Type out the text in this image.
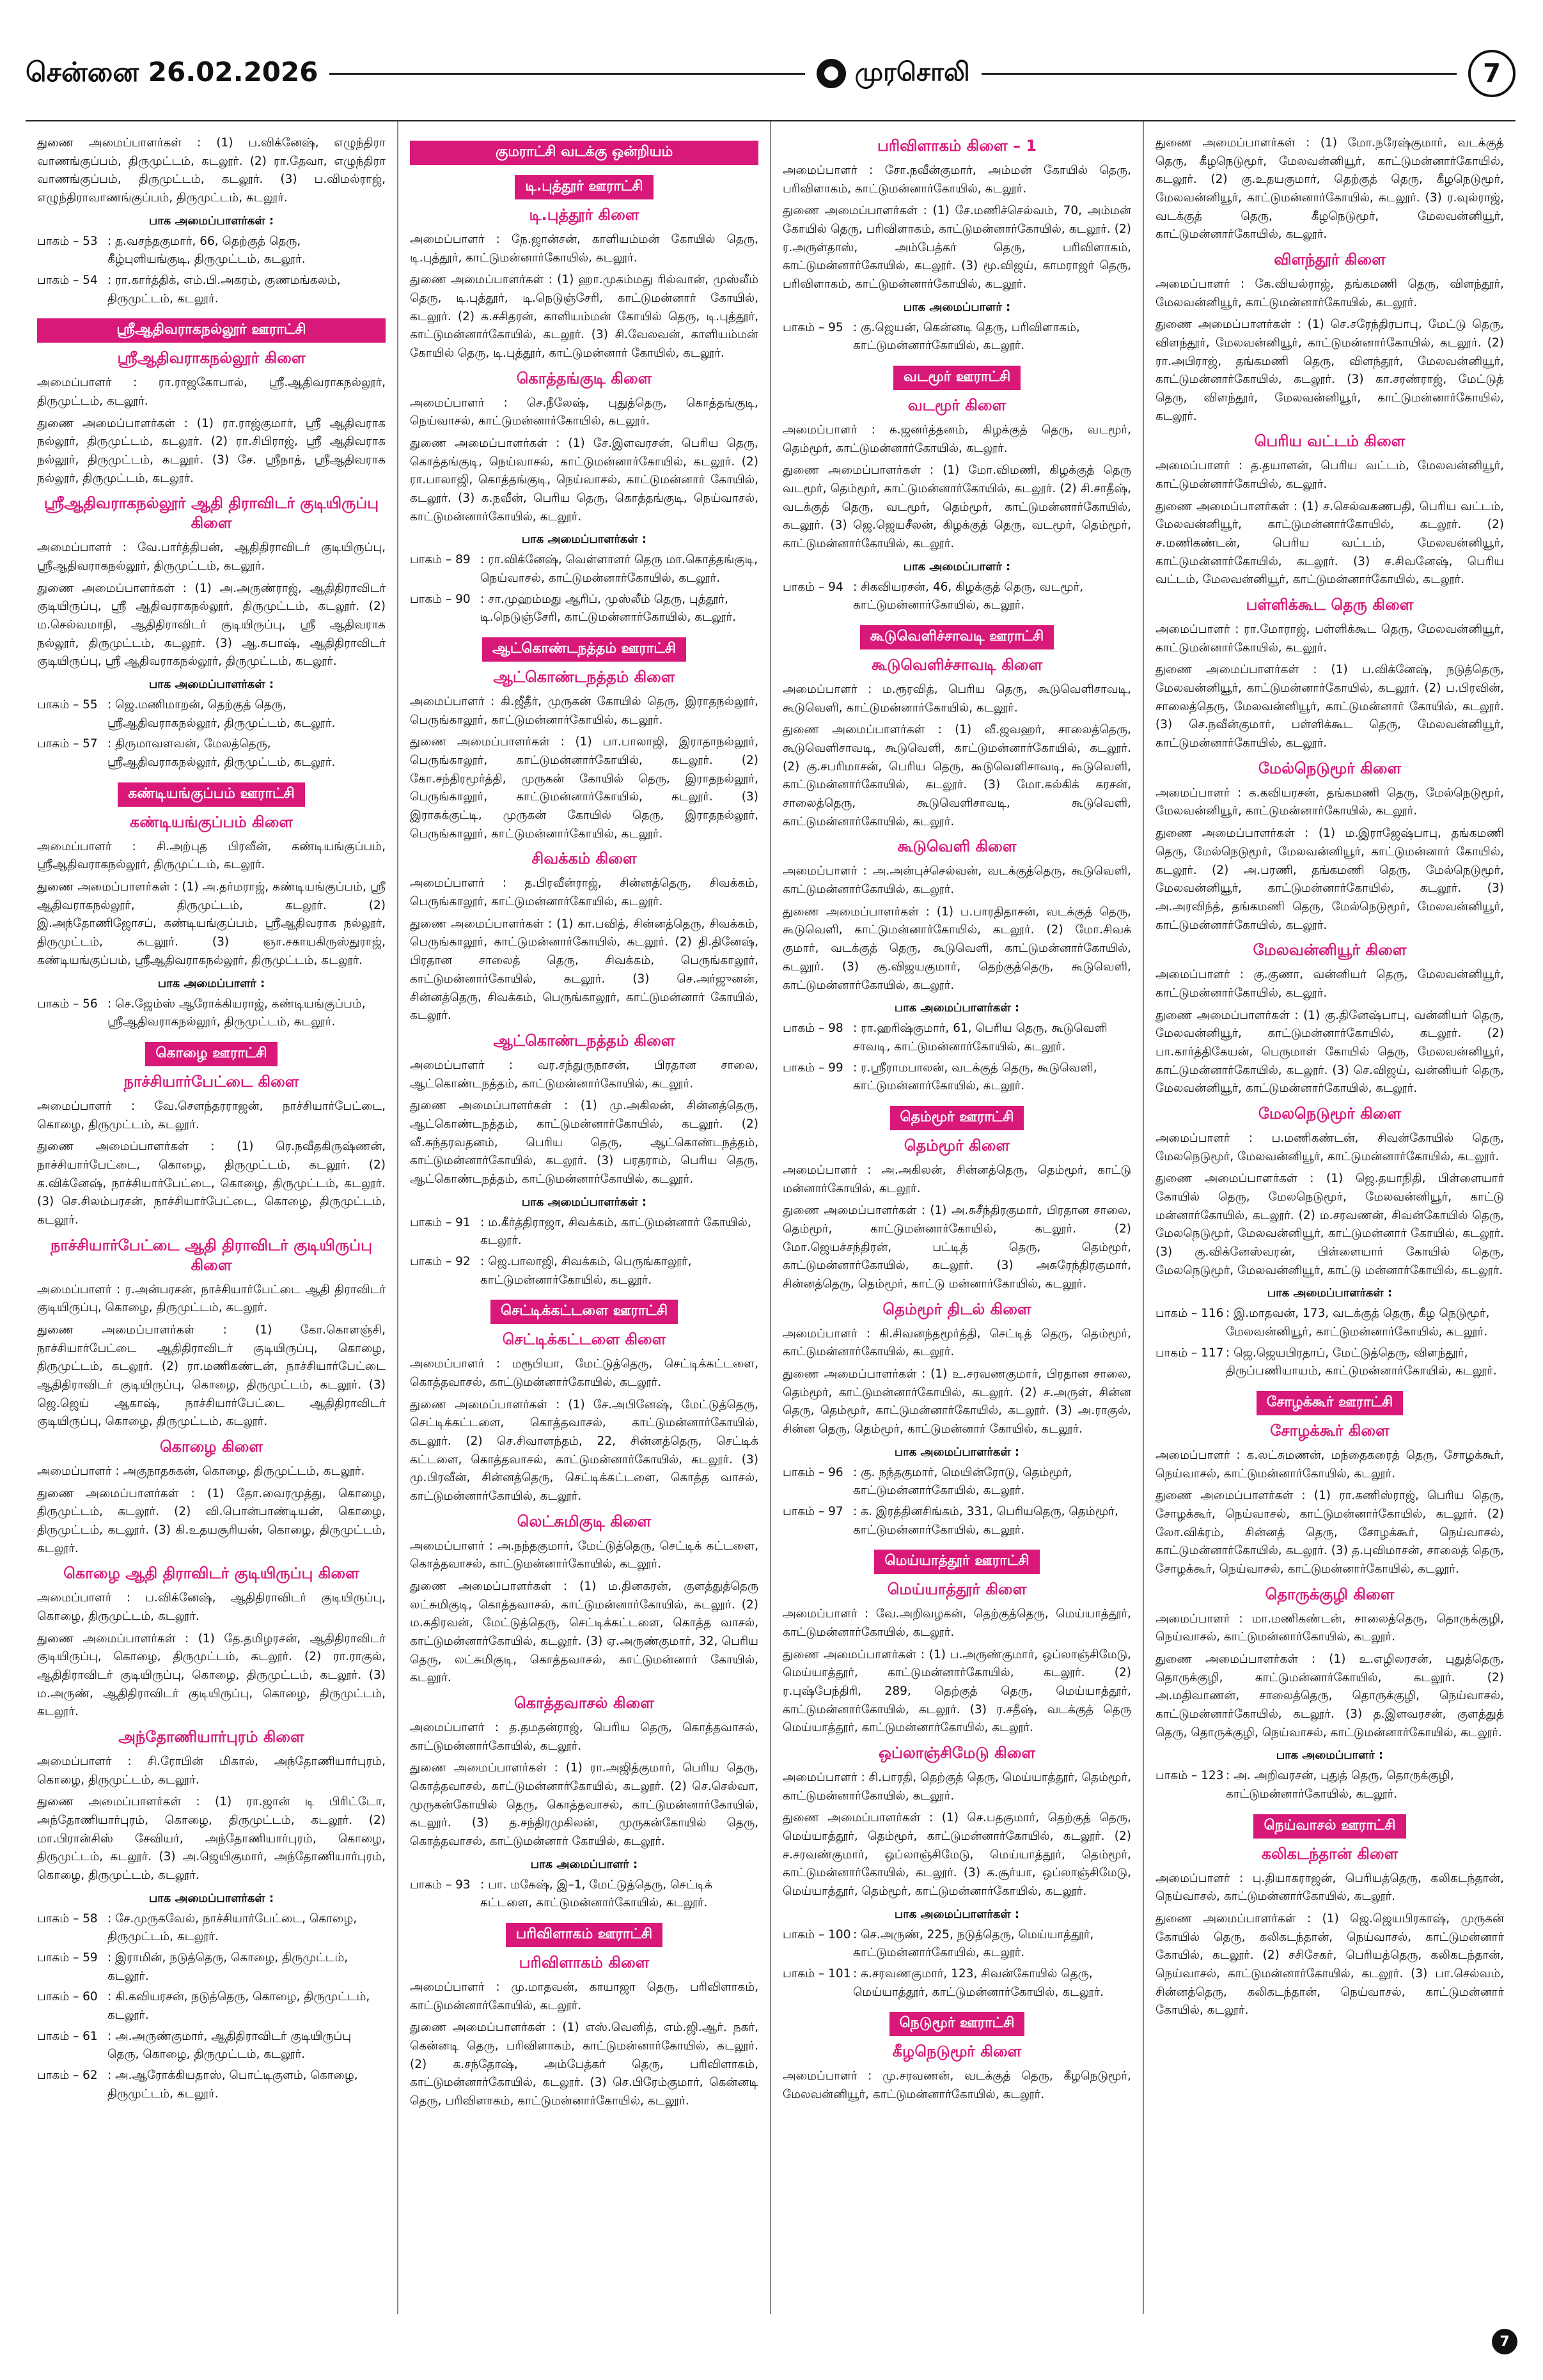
சென்னை 26.02.2026	முரசொலி	7

துணை அமைப்பாளர்கள் : (1) ப.விக்னேஷ், எழுந்திரா வாணங்குப்பம், திருமுட்டம், கடலூர். (2) ரா.தேவா, எழுந்திரா வாணங்குப்பம், திருமுட்டம், கடலூர். (3) ப.விமல்ராஜ், எழுந்திராவாணங்குப்பம், திருமுட்டம், கடலூர்.

பாக அமைப்பாளர்கள் :
பாகம் – 53 : த.வசந்தகுமார், 66, தெற்குத் தெரு, கீழ்புளியங்குடி, திருமுட்டம், கடலூர்.
பாகம் – 54 : ரா.கார்த்திக், எம்.பி.அகரம், குணமங்கலம், திருமுட்டம், கடலூர்.
ஸ்ரீஆதிவராகநல்லூர் ஊராட்சி
ஸ்ரீஆதிவராகநல்லூர் கிளை

அமைப்பாளர் : ரா.ராஜகோபால், ஸ்ரீ.ஆதிவராகநல்லூர், திருமுட்டம், கடலூர்.

துணை அமைப்பாளர்கள் : (1) ரா.ராஜ்குமார், ஸ்ரீ ஆதிவராக நல்லூர், திருமுட்டம், கடலூர். (2) ரா.சிபிராஜ், ஸ்ரீ ஆதிவராக நல்லூர், திருமுட்டம், கடலூர். (3) சே. ஸ்ரீநாத், ஸ்ரீஆதிவராக நல்லூர், திருமுட்டம், கடலூர்.

ஸ்ரீஆதிவராகநல்லூர் ஆதி திராவிடர் குடியிருப்பு கிளை

அமைப்பாளர் : வே.பார்த்திபன், ஆதிதிராவிடர் குடியிருப்பு, ஸ்ரீஆதிவராகநல்லூர், திருமுட்டம், கடலூர்.

துணை அமைப்பாளர்கள் : (1) அ.அருண்ராஜ், ஆதிதிராவிடர் குடியிருப்பு, ஸ்ரீ ஆதிவராகநல்லூர், திருமுட்டம், கடலூர். (2) ம.செல்வமாநி, ஆதிதிராவிடர் குடியிருப்பு, ஸ்ரீ ஆதிவராக நல்லூர், திருமுட்டம், கடலூர். (3) ஆ.சுபாஷ், ஆதிதிராவிடர் குடியிருப்பு, ஸ்ரீ ஆதிவராகநல்லூர், திருமுட்டம், கடலூர்.

பாக அமைப்பாளர்கள் :
பாகம் – 55 : ஜெ.மணிமாறன், தெற்குத் தெரு, ஸ்ரீஆதிவராகநல்லூர், திருமுட்டம், கடலூர்.
பாகம் – 57 : திருமாவளவன், மேலத்தெரு, ஸ்ரீஆதிவராகநல்லூர், திருமுட்டம், கடலூர்.
கண்டியங்குப்பம் ஊராட்சி
கண்டியங்குப்பம் கிளை

அமைப்பாளர் : சி.அற்புத பிரவீன், கண்டியங்குப்பம், ஸ்ரீஆதிவராகநல்லூர், திருமுட்டம், கடலூர்.

துணை அமைப்பாளர்கள் : (1) அ.தர்மராஜ், கண்டியங்குப்பம், ஸ்ரீ ஆதிவராகநல்லூர், திருமுட்டம், கடலூர். (2) இ.அந்தோணிஜோசப், கண்டியங்குப்பம், ஸ்ரீஆதிவராக நல்லூர், திருமுட்டம், கடலூர். (3) ஞா.சகாயகிருஸ்துராஜ், கண்டியங்குப்பம், ஸ்ரீஆதிவராகநல்லூர், திருமுட்டம், கடலூர்.

பாக அமைப்பாளர் :
பாகம் – 56 : செ.ஜேம்ஸ் ஆரோக்கியராஜ், கண்டியங்குப்பம், ஸ்ரீஆதிவராகநல்லூர், திருமுட்டம், கடலூர்.
கொழை ஊராட்சி
நாச்சியார்பேட்டை கிளை

அமைப்பாளர் : வே.செளந்தரராஜன், நாச்சியார்பேட்டை, கொழை, திருமுட்டம், கடலூர்.

துணை அமைப்பாளர்கள் : (1) ரெ.நவீதகிருஷ்ணன், நாச்சியார்பேட்டை, கொழை, திருமுட்டம், கடலூர். (2) க.விக்னேஷ், நாச்சியார்பேட்டை, கொழை, திருமுட்டம், கடலூர். (3) செ.சிலம்பரசன், நாச்சியார்பேட்டை, கொழை, திருமுட்டம், கடலூர்.

நாச்சியார்பேட்டை ஆதி திராவிடர் குடியிருப்பு கிளை

அமைப்பாளர் : ர.அன்பரசன், நாச்சியார்பேட்டை ஆதி திராவிடர் குடியிருப்பு, கொழை, திருமுட்டம், கடலூர்.

துணை அமைப்பாளர்கள் : (1) கோ.கொளஞ்சி, நாச்சியார்பேட்டை ஆதிதிராவிடர் குடியிருப்பு, கொழை, திருமுட்டம், கடலூர். (2) ரா.மணிகண்டன், நாச்சியார்பேட்டை ஆதிதிராவிடர் குடியிருப்பு, கொழை, திருமுட்டம், கடலூர். (3) ஜெ.ஜெய் ஆகாஷ், நாச்சியார்பேட்டை ஆதிதிராவிடர் குடியிருப்பு, கொழை, திருமுட்டம், கடலூர்.

கொழை கிளை

அமைப்பாளர் : அகுநாதசுகன், கொழை, திருமுட்டம், கடலூர்.

துணை அமைப்பாளர்கள் : (1) தோ.வைரமுத்து, கொழை, திருமுட்டம், கடலூர். (2) வி.பொன்பாண்டியன், கொழை, திருமுட்டம், கடலூர். (3) கி.உதயசூரியன், கொழை, திருமுட்டம், கடலூர்.

கொழை ஆதி திராவிடர் குடியிருப்பு கிளை

அமைப்பாளர் : ப.விக்னேஷ், ஆதிதிராவிடர் குடியிருப்பு, கொழை, திருமுட்டம், கடலூர்.

துணை அமைப்பாளர்கள் : (1) தே.தமிழரசன், ஆதிதிராவிடர் குடியிருப்பு, கொழை, திருமுட்டம், கடலூர். (2) ரா.ராகுல், ஆதிதிராவிடர் குடியிருப்பு, கொழை, திருமுட்டம், கடலூர். (3) ம.அருண், ஆதிதிராவிடர் குடியிருப்பு, கொழை, திருமுட்டம், கடலூர்.

அந்தோணியார்புரம் கிளை

அமைப்பாளர் : சி.ரோபின் மிகால், அந்தோணியார்புரம், கொழை, திருமுட்டம், கடலூர்.

துணை அமைப்பாளர்கள் : (1) ரா.ஜான் டி பிரிட்டோ, அந்தோணியார்புரம், கொழை, திருமுட்டம், கடலூர். (2) மா.பிரான்சிஸ் சேவியர், அந்தோணியார்புரம், கொழை, திருமுட்டம், கடலூர். (3) அ.ஜெயிகுமார், அந்தோணியார்புரம், கொழை, திருமுட்டம், கடலூர்.

பாக அமைப்பாளர்கள் :
பாகம் – 58 : சே.முருகவேல், நாச்சியார்பேட்டை, கொழை, திருமுட்டம், கடலூர்.
பாகம் – 59 : இராமின், நடுத்தெரு, கொழை, திருமுட்டம், கடலூர்.
பாகம் – 60 : கி.கவியரசன், நடுத்தெரு, கொழை, திருமுட்டம், கடலூர்.
பாகம் – 61 : அ.அருண்குமார், ஆதிதிராவிடர் குடியிருப்பு தெரு, கொழை, திருமுட்டம், கடலூர்.
பாகம் – 62 : அ.ஆரோக்கியதாஸ், பொட்டிகுளம், கொழை, திருமுட்டம், கடலூர்.
குமராட்சி வடக்கு ஒன்றியம்
டி.புத்தூர் ஊராட்சி
டி.புத்தூர் கிளை

அமைப்பாளர் : நே.ஜான்சன், காளியம்மன் கோயில் தெரு, டி.புத்தூர், காட்டுமன்னார்கோயில், கடலூர்.

துணை அமைப்பாளர்கள் : (1) ஹா.முகம்மது ரில்வான், முஸ்லீம் தெரு, டி.புத்தூர், டி.நெடுஞ்சேரி, காட்டுமன்னார் கோயில், கடலூர். (2) க.சசிதரன், காளியம்மன் கோயில் தெரு, டி.புத்தூர், காட்டுமன்னார்கோயில், கடலூர். (3) சி.வேலவன், காளியம்மன் கோயில் தெரு, டி.புத்தூர், காட்டுமன்னார் கோயில், கடலூர்.

கொத்தங்குடி கிளை

அமைப்பாளர் : செ.நீலேஷ், புதுத்தெரு, கொத்தங்குடி, நெய்வாசல், காட்டுமன்னார்கோயில், கடலூர்.

துணை அமைப்பாளர்கள் : (1) சே.இளவரசன், பெரிய தெரு, கொத்தங்குடி, நெய்வாசல், காட்டுமன்னார்கோயில், கடலூர். (2) ரா.பாலாஜி, கொத்தங்குடி, நெய்வாசல், காட்டுமன்னார் கோயில், கடலூர். (3) க.நவீன், பெரிய தெரு, கொத்தங்குடி, நெய்வாசல், காட்டுமன்னார்கோயில், கடலூர்.

பாக அமைப்பாளர்கள் :
பாகம் – 89 : ரா.விக்னேஷ், வெள்ளாளர் தெரு மா.கொத்தங்குடி, நெய்வாசல், காட்டுமன்னார்கோயில், கடலூர்.
பாகம் – 90 : சா.முஹம்மது ஆரிப், முஸ்லீம் தெரு, புத்தூர், டி.நெடுஞ்சேரி, காட்டுமன்னார்கோயில், கடலூர்.
ஆட்கொண்டநத்தம் ஊராட்சி
ஆட்கொண்டநத்தம் கிளை

அமைப்பாளர் : கி.ஜீதீர், முருகன் கோயில் தெரு, இராதநல்லூர், பெருங்காலூர், காட்டுமன்னார்கோயில், கடலூர்.

துணை அமைப்பாளர்கள் : (1) பா.பாலாஜி, இராதாநல்லூர், பெருங்காலூர், காட்டுமன்னார்கோயில், கடலூர். (2) கோ.சந்திரமூர்த்தி, முருகன் கோயில் தெரு, இராதநல்லூர், பெருங்காலூர், காட்டுமன்னார்கோயில், கடலூர். (3) இராசுக்குட்டி, முருகன் கோயில் தெரு, இராதநல்லூர், பெருங்காலூர், காட்டுமன்னார்கோயில், கடலூர்.

சிவக்கம் கிளை

அமைப்பாளர் : த.பிரவீன்ராஜ், சின்னத்தெரு, சிவக்கம், பெருங்காலூர், காட்டுமன்னார்கோயில், கடலூர்.

துணை அமைப்பாளர்கள் : (1) கா.பவித், சின்னத்தெரு, சிவக்கம், பெருங்காலூர், காட்டுமன்னார்கோயில், கடலூர். (2) தி.தினேஷ், பிரதான சாலைத் தெரு, சிவக்கம், பெருங்காலூர், காட்டுமன்னார்கோயில், கடலூர். (3) செ.அர்ஜுனன், சின்னத்தெரு, சிவக்கம், பெருங்காலூர், காட்டுமன்னார் கோயில், கடலூர்.

ஆட்கொண்டநத்தம் கிளை

அமைப்பாளர் : வர.சந்துருநாசன், பிரதான சாலை, ஆட்கொண்டநத்தம், காட்டுமன்னார்கோயில், கடலூர்.

துணை அமைப்பாளர்கள் : (1) மு.அகிலன், சின்னத்தெரு, ஆட்கொண்டநத்தம், காட்டுமன்னார்கோயில், கடலூர். (2) வீ.சுந்தரவதனம், பெரிய தெரு, ஆட்கொண்டநத்தம், காட்டுமன்னார்கோயில், கடலூர். (3) பரதராம், பெரிய தெரு, ஆட்கொண்டநத்தம், காட்டுமன்னார்கோயில், கடலூர்.

பாக அமைப்பாளர்கள் :
பாகம் – 91 : ம.கீர்த்திராஜா, சிவக்கம், காட்டுமன்னார் கோயில், கடலூர்.
பாகம் – 92 : ஜெ.பாலாஜி, சிவக்கம், பெருங்காலூர், காட்டுமன்னார்கோயில், கடலூர்.
செட்டிக்கட்டளை ஊராட்சி
செட்டிக்கட்டளை கிளை

அமைப்பாளர் : மரூபியா, மேட்டுத்தெரு, செட்டிக்கட்டளை, கொத்தவாசல், காட்டுமன்னார்கோயில், கடலூர்.

துணை அமைப்பாளர்கள் : (1) சே.அபினேஷ், மேட்டுத்தெரு, செட்டிக்கட்டளை, கொத்தவாசல், காட்டுமன்னார்கோயில், கடலூர். (2) செ.சிவாளந்தம், 22, சின்னத்தெரு, செட்டிக் கட்டளை, கொத்தவாசல், காட்டுமன்னார்கோயில், கடலூர். (3) மு.பிரவீன், சின்னத்தெரு, செட்டிக்கட்டளை, கொத்த வாசல், காட்டுமன்னார்கோயில், கடலூர்.

லெட்சுமிகுடி கிளை

அமைப்பாளர் : அ.நந்தகுமார், மேட்டுத்தெரு, செட்டிக் கட்டளை, கொத்தவாசல், காட்டுமன்னார்கோயில், கடலூர்.

துணை அமைப்பாளர்கள் : (1) ம.தினகரன், குளத்துத்தெரு லட்சுமிகுடி, கொத்தவாசல், காட்டுமன்னார்கோயில், கடலூர். (2) ம.கதிரவன், மேட்டுத்தெரு, செட்டிக்கட்டளை, கொத்த வாசல், காட்டுமன்னார்கோயில், கடலூர். (3) ஏ.அருண்குமார், 32, பெரிய தெரு, லட்சுமிகுடி, கொத்தவாசல், காட்டுமன்னார் கோயில், கடலூர்.

கொத்தவாசல் கிளை

அமைப்பாளர் : த.தமதன்ராஜ், பெரிய தெரு, கொத்தவாசல், காட்டுமன்னார்கோயில், கடலூர்.

துணை அமைப்பாளர்கள் : (1) ரா.அஜித்குமார், பெரிய தெரு, கொத்தவாசல், காட்டுமன்னார்கோயில், கடலூர். (2) செ.செல்வா, முருகன்கோயில் தெரு, கொத்தவாசல், காட்டுமன்னார்கோயில், கடலூர். (3) த.சந்திரமுகிலன், முருகன்கோயில் தெரு, கொத்தவாசல், காட்டுமன்னார் கோயில், கடலூர்.

பாக அமைப்பாளர் :
பாகம் – 93 : பா. மகேஷ், இ–1, மேட்டுத்தெரு, செட்டிக் கட்டளை, காட்டுமன்னார்கோயில், கடலூர்.
பரிவிளாகம் ஊராட்சி
பரிவிளாகம் கிளை

அமைப்பாளர் : மு.மாதவன், காயாஜா தெரு, பரிவிளாகம், காட்டுமன்னார்கோயில், கடலூர்.

துணை அமைப்பாளர்கள் : (1) எஸ்.வெனித், எம்.ஜி.ஆர். நகர், கென்னடி தெரு, பரிவிளாகம், காட்டுமன்னார்கோயில், கடலூர். (2) க.சந்தோஷ், அம்பேத்கர் தெரு, பரிவிளாகம், காட்டுமன்னார்கோயில், கடலூர். (3) செ.பிரேம்குமார், கென்னடி தெரு, பரிவிளாகம், காட்டுமன்னார்கோயில், கடலூர்.

பரிவிளாகம் கிளை – 1

அமைப்பாளர் : சோ.நவீன்குமார், அம்மன் கோயில் தெரு, பரிவிளாகம், காட்டுமன்னார்கோயில், கடலூர்.

துணை அமைப்பாளர்கள் : (1) சே.மணிச்செல்வம், 70, அம்மன் கோயில் தெரு, பரிவிளாகம், காட்டுமன்னார்கோயில், கடலூர். (2) ர.அருள்தாஸ், அம்பேத்கர் தெரு, பரிவிளாகம், காட்டுமன்னார்கோயில், கடலூர். (3) மூ.விஜய், காமராஜர் தெரு, பரிவிளாகம், காட்டுமன்னார்கோயில், கடலூர்.

பாக அமைப்பாளர் :
பாகம் – 95 : கு.ஜெயன், கென்னடி தெரு, பரிவிளாகம், காட்டுமன்னார்கோயில், கடலூர்.
வடமூர் ஊராட்சி
வடமூர் கிளை

அமைப்பாளர் : க.ஜனர்த்தனம், கிழக்குத் தெரு, வடமூர், தெம்மூர், காட்டுமன்னார்கோயில், கடலூர்.

துணை அமைப்பாளர்கள் : (1) மோ.விமணி, கிழக்குத் தெரு வடமூர், தெம்மூர், காட்டுமன்னார்கோயில், கடலூர். (2) சி.சாதீஷ், வடக்குத் தெரு, வடமூர், தெம்மூர், காட்டுமன்னார்கோயில், கடலூர். (3) ஜெ.ஜெயசீலன், கிழக்குத் தெரு, வடமூர், தெம்மூர், காட்டுமன்னார்கோயில், கடலூர்.

பாக அமைப்பாளர் :
பாகம் – 94 : சிகவியரசன், 46, கிழக்குத் தெரு, வடமூர், காட்டுமன்னார்கோயில், கடலூர்.
கூடுவெளிச்சாவடி ஊராட்சி
கூடுவெளிச்சாவடி கிளை

அமைப்பாளர் : ம.ரூரவித், பெரிய தெரு, கூடுவெளிசாவடி, கூடுவெளி, காட்டுமன்னார்கோயில், கடலூர்.

துணை அமைப்பாளர்கள் : (1) வீ.ஜவஹர், சாலைத்தெரு, கூடுவெளிசாவடி, கூடுவெளி, காட்டுமன்னார்கோயில், கடலூர். (2) கு.சபரிமாசன், பெரிய தெரு, கூடுவெளிசாவடி, கூடுவெளி, காட்டுமன்னார்கோயில், கடலூர். (3) மோ.கல்கிக் கரசன், சாலைத்தெரு, கூடுவெளிசாவடி, கூடுவெளி, காட்டுமன்னார்கோயில், கடலூர்.

கூடுவெளி கிளை

அமைப்பாளர் : அ.அன்புச்செல்வன், வடக்குத்தெரு, கூடுவெளி, காட்டுமன்னார்கோயில், கடலூர்.

துணை அமைப்பாளர்கள் : (1) ப.பாரதிதாசன், வடக்குத் தெரு, கூடுவெளி, காட்டுமன்னார்கோயில், கடலூர். (2) மோ.சிவக் குமார், வடக்குத் தெரு, கூடுவெளி, காட்டுமன்னார்கோயில், கடலூர். (3) கு.விஜயகுமார், தெற்குத்தெரு, கூடுவெளி, காட்டுமன்னார்கோயில், கடலூர்.

பாக அமைப்பாளர்கள் :
பாகம் – 98 : ரா.ஹரிஷ்குமார், 61, பெரிய தெரு, கூடுவெளி சாவடி, காட்டுமன்னார்கோயில், கடலூர்.
பாகம் – 99 : ர.ஸ்ரீராமபாலன், வடக்குத் தெரு, கூடுவெளி, காட்டுமன்னார்கோயில், கடலூர்.
தெம்மூர் ஊராட்சி
தெம்மூர் கிளை

அமைப்பாளர் : அ.அகிலன், சின்னத்தெரு, தெம்மூர், காட்டு மன்னார்கோயில், கடலூர்.

துணை அமைப்பாளர்கள் : (1) அ.சுசீந்திரகுமார், பிரதான சாலை, தெம்மூர், காட்டுமன்னார்கோயில், கடலூர். (2) மோ.ஜெயச்சந்திரன், பட்டித் தெரு, தெம்மூர், காட்டுமன்னார்கோயில், கடலூர். (3) அசுரேந்திரகுமார், சின்னத்தெரு, தெம்மூர், காட்டு மன்னார்கோயில், கடலூர்.

தெம்மூர் திடல் கிளை

அமைப்பாளர் : கி.சிவனந்தமூர்த்தி, செட்டித் தெரு, தெம்மூர், காட்டுமன்னார்கோயில், கடலூர்.

துணை அமைப்பாளர்கள் : (1) உ.சரவணகுமார், பிரதான சாலை, தெம்மூர், காட்டுமன்னார்கோயில், கடலூர். (2) ச.அருள், சின்ன தெரு, தெம்மூர், காட்டுமன்னார்கோயில், கடலூர். (3) அ.ராகுல், சின்ன தெரு, தெம்மூர், காட்டுமன்னார் கோயில், கடலூர்.

பாக அமைப்பாளர்கள் :
பாகம் – 96 : கு. நந்தகுமார், மெயின்ரோடு, தெம்மூர், காட்டுமன்னார்கோயில், கடலூர்.
பாகம் – 97 : க. இரத்தினசிங்கம், 331, பெரியதெரு, தெம்மூர், காட்டுமன்னார்கோயில், கடலூர்.
மெய்யாத்தூர் ஊராட்சி
மெய்யாத்தூர் கிளை

அமைப்பாளர் : வே.அறிவழகன், தெற்குத்தெரு, மெய்யாத்தூர், காட்டுமன்னார்கோயில், கடலூர்.

துணை அமைப்பாளர்கள் : (1) ப.அருண்குமார், ஒப்லாஞ்சிமேடு, மெய்யாத்தூர், காட்டுமன்னார்கோயில், கடலூர். (2) ர.புஷ்பேந்திரி, 289, தெற்குத் தெரு, மெய்யாத்தூர், காட்டுமன்னார்கோயில், கடலூர். (3) ர.சதீஷ், வடக்குத் தெரு மெய்யாத்தூர், காட்டுமன்னார்கோயில், கடலூர்.

ஒப்லாஞ்சிமேடு கிளை

அமைப்பாளர் : சி.பாரதி, தெற்குத் தெரு, மெய்யாத்தூர், தெம்மூர், காட்டுமன்னார்கோயில், கடலூர்.

துணை அமைப்பாளர்கள் : (1) செ.பதகுமார், தெற்குத் தெரு, மெய்யாத்தூர், தெம்மூர், காட்டுமன்னார்கோயில், கடலூர். (2) ச.சரவண்குமார், ஒப்லாஞ்சிமேடு, மெய்யாத்தூர், தெம்மூர், காட்டுமன்னார்கோயில், கடலூர். (3) க.சூர்யா, ஒப்லாஞ்சிமேடு, மெய்யாத்தூர், தெம்மூர், காட்டுமன்னார்கோயில், கடலூர்.

பாக அமைப்பாளர்கள் :
பாகம் – 100 : செ.அருண், 225, நடுத்தெரு, மெய்யாத்தூர், காட்டுமன்னார்கோயில், கடலூர்.
பாகம் – 101 : க.சரவணகுமார், 123, சிவன்கோயில் தெரு, மெய்யாத்தூர், காட்டுமன்னார்கோயில், கடலூர்.
நெடுமூர் ஊராட்சி
கீழநெடுமூர் கிளை

அமைப்பாளர் : மு.சரவணன், வடக்குத் தெரு, கீழநெடுமூர், மேலவன்னியூர், காட்டுமன்னார்கோயில், கடலூர்.

துணை அமைப்பாளர்கள் : (1) மோ.நரேஷ்குமார், வடக்குத் தெரு, கீழநெடுமூர், மேலவன்னியூர், காட்டுமன்னார்கோயில், கடலூர். (2) கு.உதயகுமார், தெற்குத் தெரு, கீழநெடுமூர், மேலவன்னியூர், காட்டுமன்னார்கோயில், கடலூர். (3) ர.வுல்ராஜ், வடக்குத் தெரு, கீழநெடுமூர், மேலவன்னியூர், காட்டுமன்னார்கோயில், கடலூர்.

விளந்தூர் கிளை

அமைப்பாளர் : கே.வியல்ராஜ், தங்கமணி தெரு, விளந்தூர், மேலவன்னியூர், காட்டுமன்னார்கோயில், கடலூர்.

துணை அமைப்பாளர்கள் : (1) செ.சரேந்திரபாபு, மேட்டு தெரு, விளந்தூர், மேலவன்னியூர், காட்டுமன்னார்கோயில், கடலூர். (2) ரா.அபிராஜ், தங்கமணி தெரு, விளந்தூர், மேலவன்னியூர், காட்டுமன்னார்கோயில், கடலூர். (3) கா.சரண்ராஜ், மேட்டுத் தெரு, விளந்தூர், மேலவன்னியூர், காட்டுமன்னார்கோயில், கடலூர்.

பெரிய வட்டம் கிளை

அமைப்பாளர் : த.தயாளன், பெரிய வட்டம், மேலவன்னியூர், காட்டுமன்னார்கோயில், கடலூர்.

துணை அமைப்பாளர்கள் : (1) ச.செல்வகணபதி, பெரிய வட்டம், மேலவன்னியூர், காட்டுமன்னார்கோயில், கடலூர். (2) ச.மணிகண்டன், பெரிய வட்டம், மேலவன்னியூர், காட்டுமன்னார்கோயில், கடலூர். (3) ச.சிவனேஷ், பெரிய வட்டம், மேலவன்னியூர், காட்டுமன்னார்கோயில், கடலூர்.

பள்ளிக்கூட தெரு கிளை

அமைப்பாளர் : ரா.மோராஜ், பள்ளிக்கூட தெரு, மேலவன்னியூர், காட்டுமன்னார்கோயில், கடலூர்.

துணை அமைப்பாளர்கள் : (1) ப.விக்னேஷ், நடுத்தெரு, மேலவன்னியூர், காட்டுமன்னார்கோயில், கடலூர். (2) ப.பிரவின், சாலைத்தெரு, மேலவன்னியூர், காட்டுமன்னார் கோயில், கடலூர். (3) செ.நவீன்குமார், பள்ளிக்கூட தெரு, மேலவன்னியூர், காட்டுமன்னார்கோயில், கடலூர்.

மேல்நெடுமூர் கிளை

அமைப்பாளர் : க.கவியரசன், தங்கமணி தெரு, மேல்நெடுமூர், மேலவன்னியூர், காட்டுமன்னார்கோயில், கடலூர்.

துணை அமைப்பாளர்கள் : (1) ம.இராஜேஷ்பாபு, தங்கமணி தெரு, மேல்நெடுமூர், மேலவன்னியூர், காட்டுமன்னார் கோயில், கடலூர். (2) அ.பரணி, தங்கமணி தெரு, மேல்நெடுமூர், மேலவன்னியூர், காட்டுமன்னார்கோயில், கடலூர். (3) அ.அரவிந்த், தங்கமணி தெரு, மேல்நெடுமூர், மேலவன்னியூர், காட்டுமன்னார்கோயில், கடலூர்.

மேலவன்னியூர் கிளை

அமைப்பாளர் : கு.குணா, வன்னியர் தெரு, மேலவன்னியூர், காட்டுமன்னார்கோயில், கடலூர்.

துணை அமைப்பாளர்கள் : (1) கு.தினேஷ்பாபு, வன்னியர் தெரு, மேலவன்னியூர், காட்டுமன்னார்கோயில், கடலூர். (2) பா.கார்த்திகேயன், பெருமாள் கோயில் தெரு, மேலவன்னியூர், காட்டுமன்னார்கோயில், கடலூர். (3) செ.விஜய், வன்னியர் தெரு, மேலவன்னியூர், காட்டுமன்னார்கோயில், கடலூர்.

மேலநெடுமூர் கிளை

அமைப்பாளர் : ப.மணிகண்டன், சிவன்கோயில் தெரு, மேலநெடுமூர், மேலவன்னியூர், காட்டுமன்னார்கோயில், கடலூர்.

துணை அமைப்பாளர்கள் : (1) ஜெ.தயாநிதி, பிள்ளையார் கோயில் தெரு, மேலநெடுமூர், மேலவன்னியூர், காட்டு மன்னார்கோயில், கடலூர். (2) ம.சரவணன், சிவன்கோயில் தெரு, மேலநெடுமூர், மேலவன்னியூர், காட்டுமன்னார் கோயில், கடலூர். (3) கு.விக்னேஸ்வரன், பிள்ளையார் கோயில் தெரு, மேலநெடுமூர், மேலவன்னியூர், காட்டு மன்னார்கோயில், கடலூர்.

பாக அமைப்பாளர்கள் :
பாகம் – 116 : இ.மாதவன், 173, வடக்குத் தெரு, கீழ நெடுமூர், மேலவன்னியூர், காட்டுமன்னார்கோயில், கடலூர்.
பாகம் – 117 : ஜெ.ஜெயபிரதாப், மேட்டுத்தெரு, விளந்தூர், திருப்பணியாயம், காட்டுமன்னார்கோயில், கடலூர்.
சோழக்கூர் ஊராட்சி
சோழக்கூர் கிளை

அமைப்பாளர் : க.லட்சுமணன், மந்தைகரைத் தெரு, சோழக்கூர், நெய்வாசல், காட்டுமன்னார்கோயில், கடலூர்.

துணை அமைப்பாளர்கள் : (1) ரா.கணிஸ்ராஜ், பெரிய தெரு, சோழக்கூர், நெய்வாசல், காட்டுமன்னார்கோயில், கடலூர். (2) லோ.விக்ரம், சின்னத் தெரு, சோழக்கூர், நெய்வாசல், காட்டுமன்னார்கோயில், கடலூர். (3) த.புவிமாசன், சாலைத் தெரு, சோழக்கூர், நெய்வாசல், காட்டுமன்னார்கோயில், கடலூர்.

தொருக்குழி கிளை

அமைப்பாளர் : மா.மணிகண்டன், சாலைத்தெரு, தொருக்குழி, நெய்வாசல், காட்டுமன்னார்கோயில், கடலூர்.

துணை அமைப்பாளர்கள் : (1) உ.எழிலரசன், புதுத்தெரு, தொருக்குழி, காட்டுமன்னார்கோயில், கடலூர். (2) அ.மதிவாணன், சாலைத்தெரு, தொருக்குழி, நெய்வாசல், காட்டுமன்னார்கோயில், கடலூர். (3) த.இளவரசன், குளத்துத் தெரு, தொருக்குழி, நெய்வாசல், காட்டுமன்னார்கோயில், கடலூர்.

பாக அமைப்பாளர் :
பாகம் – 123 : அ. அறிவரசன், புதுத் தெரு, தொருக்குழி, காட்டுமன்னார்கோயில், கடலூர்.
நெய்வாசல் ஊராட்சி
கலிகடந்தான் கிளை

அமைப்பாளர் : பு.தியாகராஜன், பெரியத்தெரு, கலிகடந்தான், நெய்வாசல், காட்டுமன்னார்கோயில், கடலூர்.

துணை அமைப்பாளர்கள் : (1) ஜெ.ஜெயபிரகாஷ், முருகன் கோயில் தெரு, கலிகடந்தான், நெய்வாசல், காட்டுமன்னார் கோயில், கடலூர். (2) சசிசேகர், பெரியத்தெரு, கலிகடந்தான், நெய்வாசல், காட்டுமன்னார்கோயில், கடலூர். (3) பா.செல்வம், சின்னத்தெரு, கலிகடந்தான், நெய்வாசல், காட்டுமன்னார் கோயில், கடலூர்.

7
